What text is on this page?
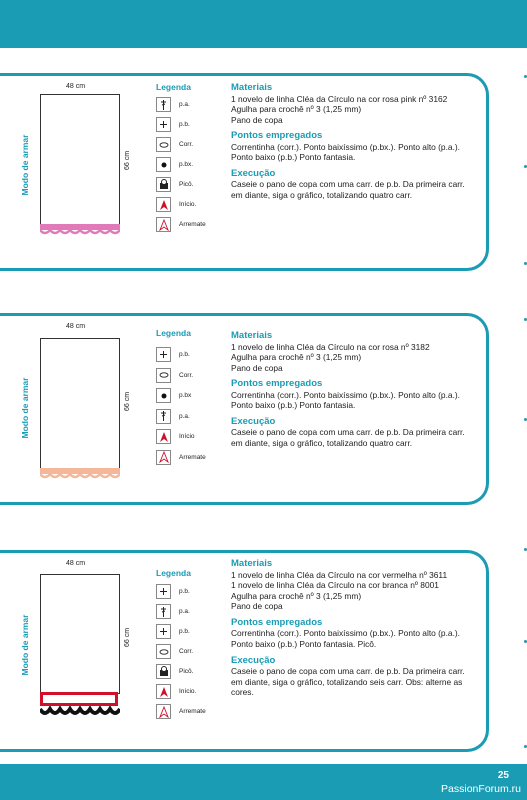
Modo de armar
48 cm
66 cm
Legenda
p.a.
p.b.
Corr.
p.bx.
Picô.
Início.
Arremate
Materiais

1 novelo de linha Cléa da Círculo na cor rosa pink nº 3162
Agulha para crochê nº 3 (1,25 mm)
Pano de copa

Pontos empregados

Correntinha (corr.). Ponto baixíssimo (p.bx.). Ponto alto (p.a.). Ponto baixo (p.b.) Ponto fantasia.

Execução

Caseie o pano de copa com uma carr. de p.b. Da primeira carr. em diante, siga o gráfico, totalizando quatro carr.

Modo de armar
48 cm
66 cm
Legenda
p.b.
Corr.
p.bx
p.a.
Início
Arremate
Materiais

1 novelo de linha Cléa da Círculo na cor rosa nº 3182
Agulha para crochê nº 3 (1,25 mm)
Pano de copa

Pontos empregados

Correntinha (corr.). Ponto baixíssimo (p.bx.). Ponto alto (p.a.). Ponto baixo (p.b.) Ponto fantasia.

Execução

Caseie o pano de copa com uma carr. de p.b. Da primeira carr. em diante, siga o gráfico, totalizando quatro carr.

Modo de armar
48 cm
66 cm
Legenda
p.b.
p.a.
p.b.
Corr.
Picô.
Início.
Arremate
Materiais

1 novelo de linha Cléa da Círculo na cor vermelha nº 3611
1 novelo de linha Cléa da Círculo na cor branca nº 8001
Agulha para crochê nº 3 (1,25 mm)
Pano de copa

Pontos empregados

Correntinha (corr.). Ponto baixíssimo (p.bx.). Ponto alto (p.a.). Ponto baixo (p.b.) Ponto fantasia. Picô.

Execução

Caseie o pano de copa com uma carr. de p.b. Da primeira carr. em diante, siga o gráfico, totalizando seis carr. Obs: alterne as cores.

25
PassionForum.ru
